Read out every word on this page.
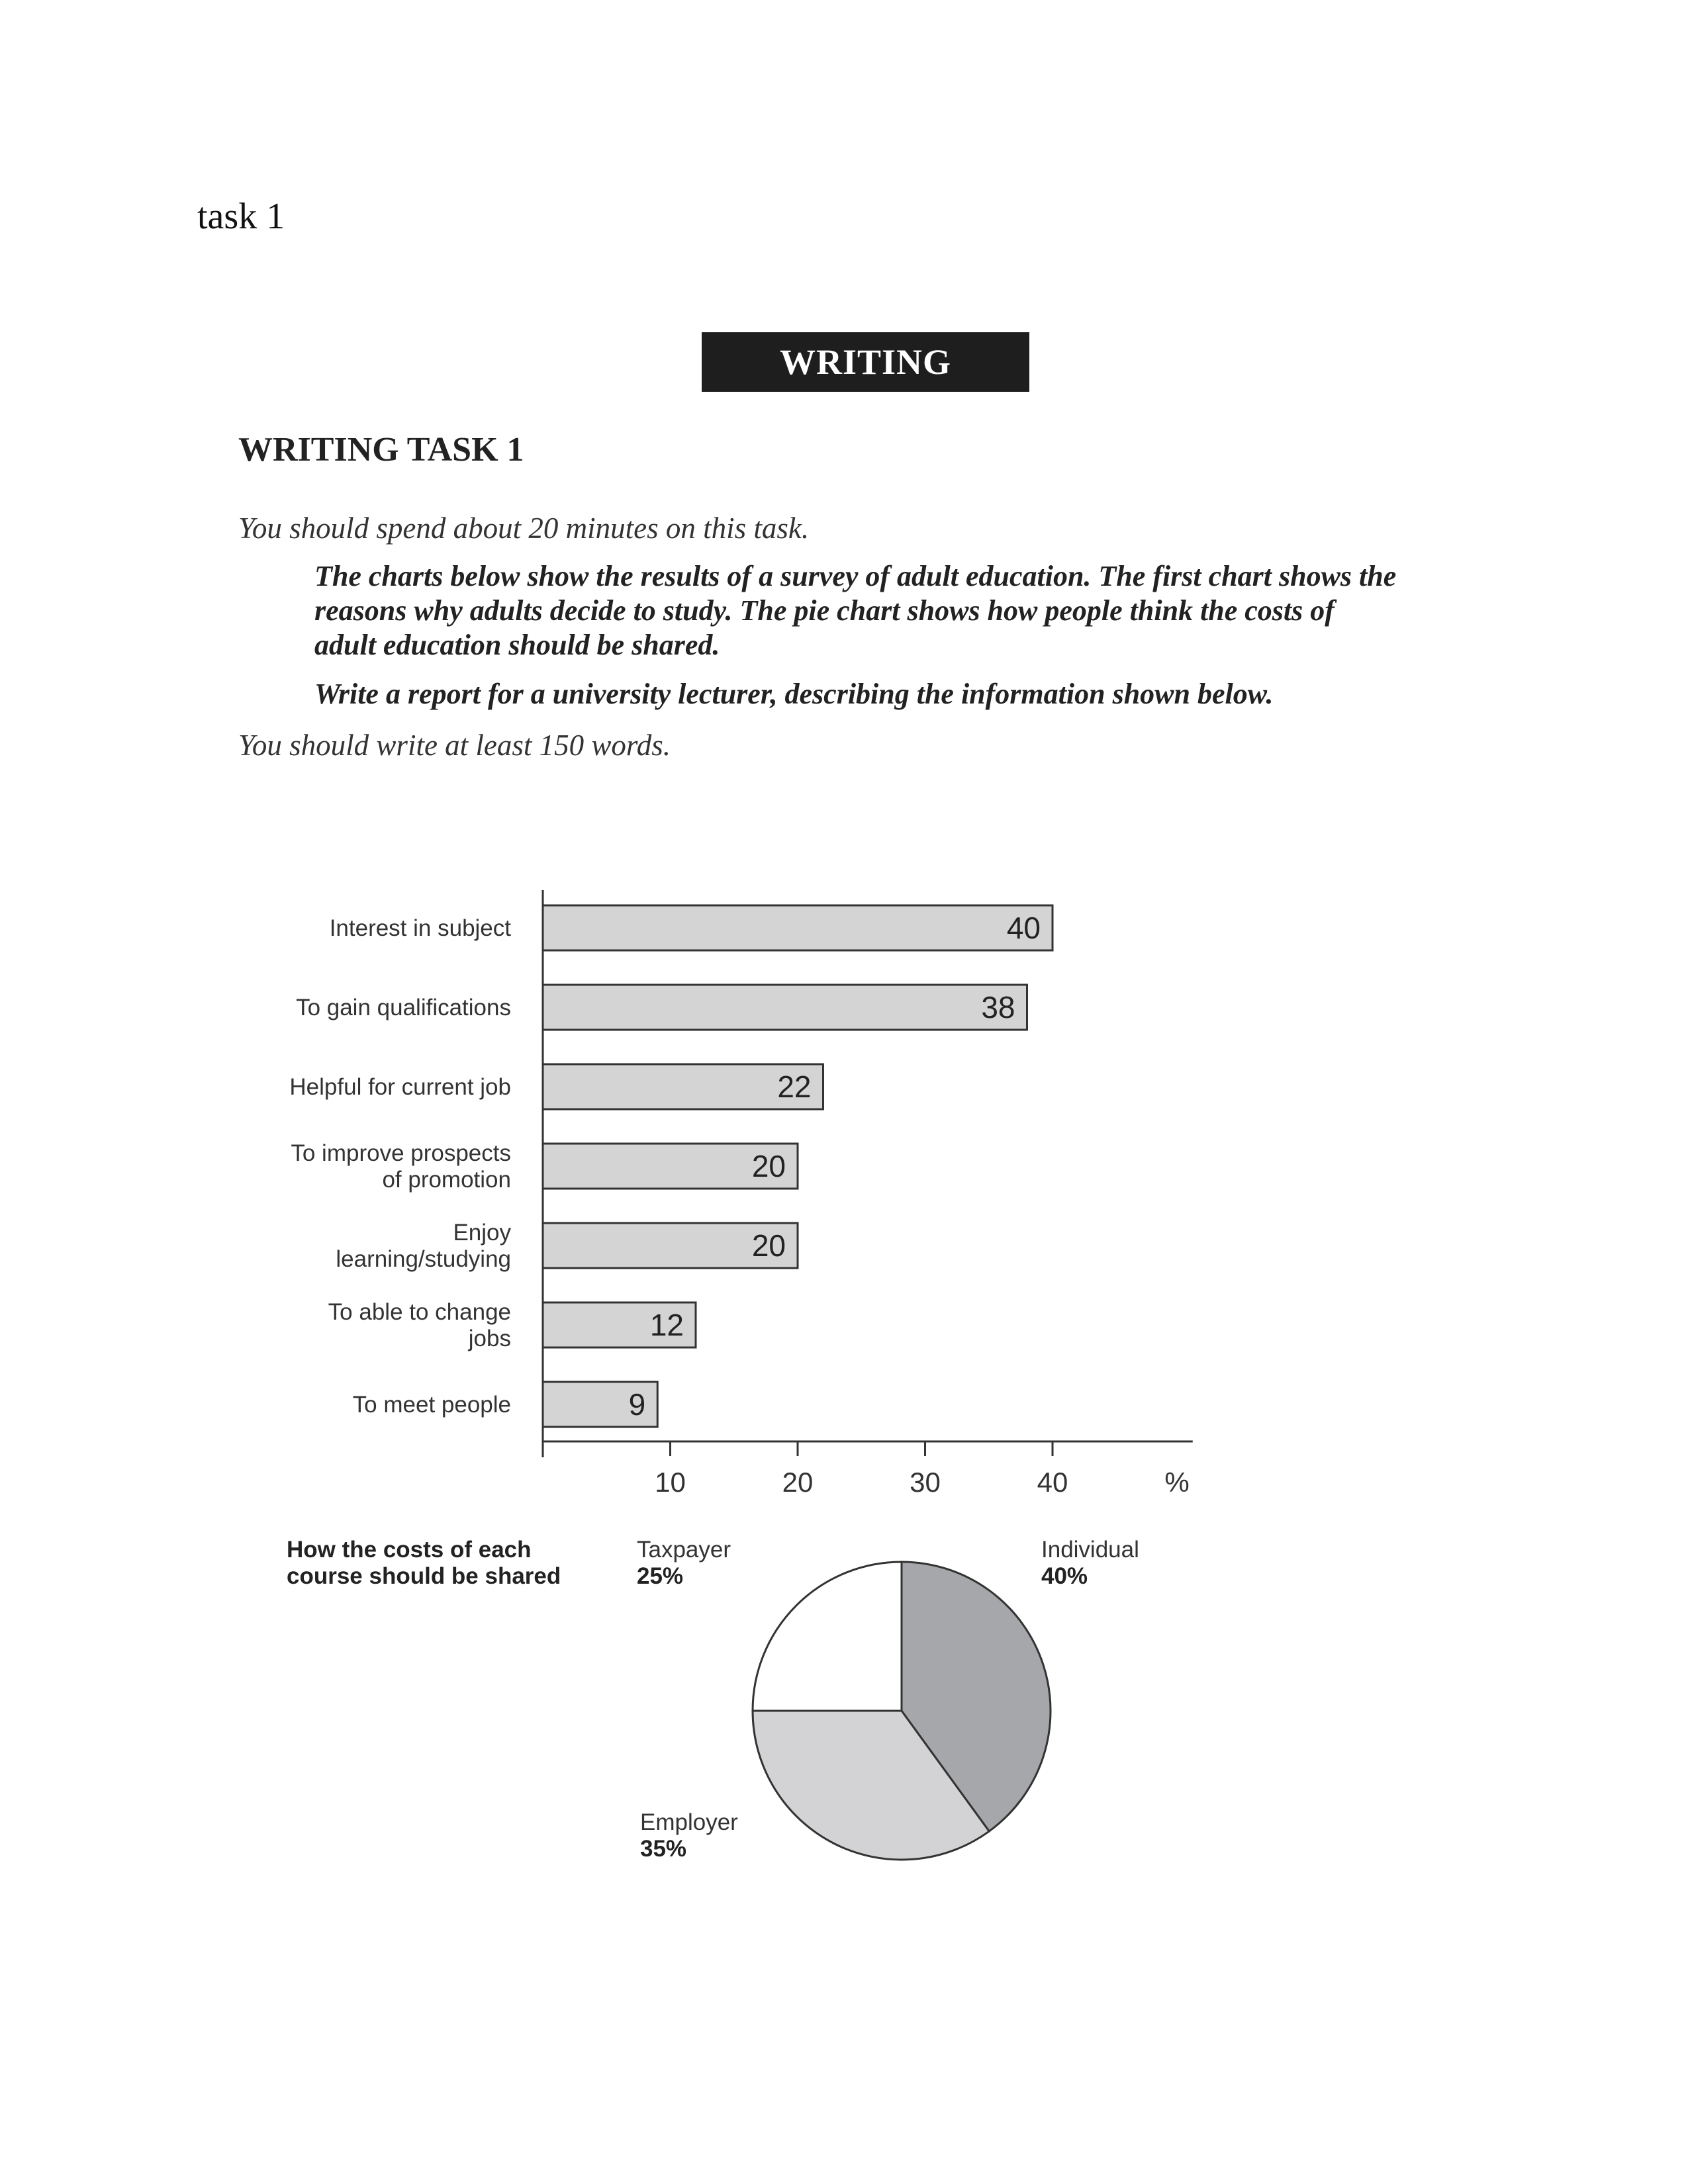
task 1
WRITING
WRITING TASK 1
You should spend about 20 minutes on this task.

The charts below show the results of a survey of adult education. The first chart shows the reasons why adults decide to study. The pie chart shows how people think the costs of adult education should be shared.

Write a report for a university lecturer, describing the information shown below.

You should write at least 150 words.
40
Interest in subject
38
To gain qualifications
22
Helpful for current job
20
To improve prospects
of promotion
20
Enjoy
learning/studying
12
To able to change
jobs
9
To meet people
10	20	30	40	%
How the costs of each
course should be shared
Individual
40%
Employer
35%
Taxpayer
25%
